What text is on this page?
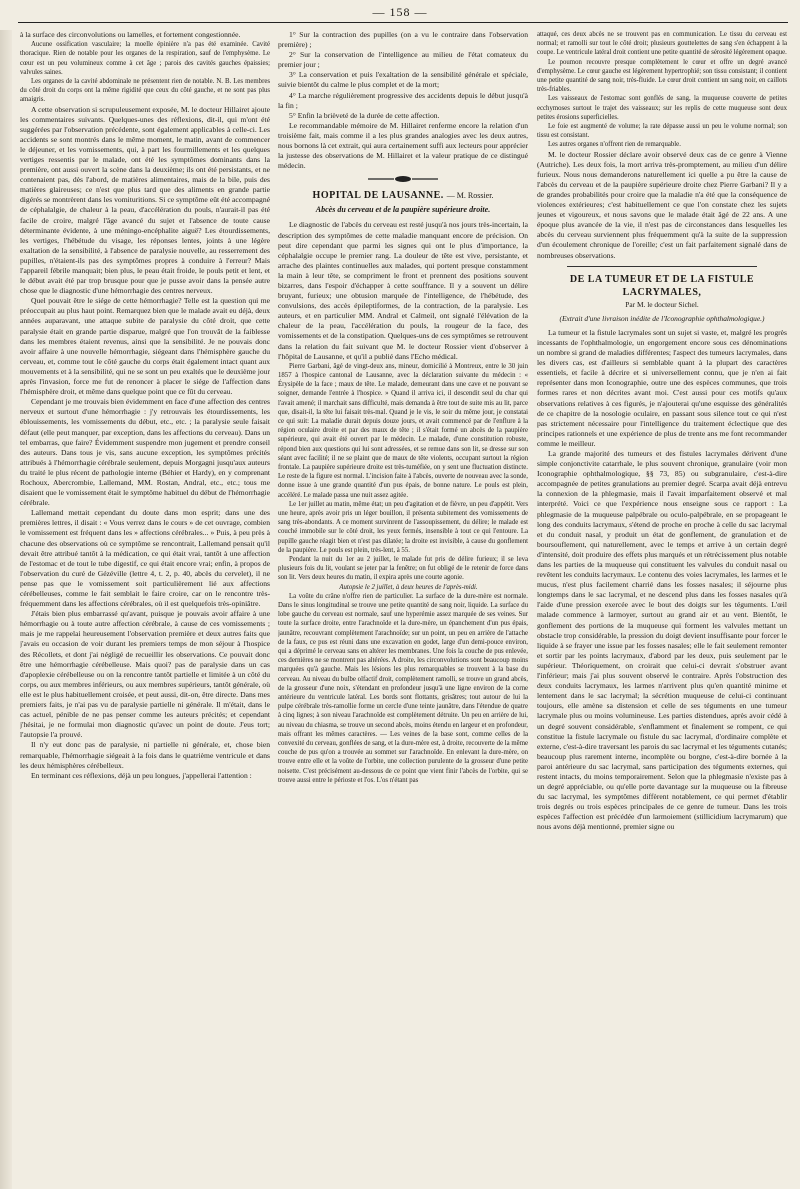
— 158 —

à la surface des circonvolutions ou lamelles, et fortement congestionnée.

Aucune ossification vasculaire; la moelle épinière n'a pas été examinée. Cavité thoracique. Rien de notable pour les organes de la respiration, sauf de l'emphysème. Le cœur est un peu volumineux comme à cet âge ; parois des cavités gauches épaissies; valvules saines.

Les organes de la cavité abdominale ne présentent rien de notable. N. B. Les membres du côté droit du corps ont la même rigidité que ceux du côté gauche, et ne sont pas plus amaigris.

A cette observation si scrupuleusement exposée, M. le docteur Hillairet ajoute les commentaires suivants. Quelques-unes des réflexions, dit-il, qui m'ont été suggérées par l'observation précédente, sont également applicables à celle-ci. Les accidents se sont montrés dans le même moment, le matin, avant de commencer le déjeuner, et les vomissements, qui, à part les fourmillements et les quelques vertiges ressentis par le malade, ont été les symptômes dominants dans la première, ont aussi ouvert la scène dans la deuxième; ils ont été persistants, et ne contenaient pas, dès l'abord, de matières alimentaires, mais de la bile, puis des matières glaireuses; ce n'est que plus tard que des aliments en grande partie digérés se montrèrent dans les vomituritions. Si ce symptôme eût été accompagné de céphalalgie, de chaleur à la peau, d'accélération du pouls, n'aurait-il pas été facile de croire, malgré l'âge avancé du sujet et l'absence de toute cause déterminante évidente, à une méningo-encéphalite aiguë? Les étourdissements, les vertiges, l'hébétude du visage, les réponses lentes, joints à une légère exaltation de la sensibilité, à l'absence de paralysie nouvelle, au resserrement des pupilles, n'étaient-ils pas des symptômes propres à conduire à l'erreur? Mais l'appareil fébrile manquait; bien plus, le peau était froide, le pouls petit et lent, et le début avait été par trop brusque pour que je pusse avoir dans la pensée autre chose que le diagnostic d'une hémorrhagie des centres nerveux.

Quel pouvait être le siége de cette hémorrhagie? Telle est la question qui me préoccupait au plus haut point. Remarquez bien que le malade avait eu déjà, deux années auparavant, une attaque subite de paralysie du côté droit, que cette paralysie était en grande partie disparue, malgré que l'on trouvât de la faiblesse dans les membres étaient revenus, ainsi que la sensibilité. Je ne pouvais donc avoir affaire à une nouvelle hémorrhagie, siégeant dans l'hémisphère gauche du cerveau, et, comme tout le côté gauche du corps était également intact quant aux mouvements et à la sensibilité, qui ne se sont un peu exaltés que le deuxième jour après l'invasion, force me fut de renoncer à placer le siége de l'affection dans l'hémisphère droit, et même dans quelque point que ce fût du cerveau.

Cependant je me trouvais bien évidemment en face d'une affection des centres nerveux et surtout d'une hémorrhagie : j'y retrouvais les étourdissements, les éblouissements, les vomissements du début, etc., etc. ; la paralysie seule faisait défaut (elle peut manquer, par exception, dans les affections du cerveau). Dans un tel embarras, que faire? Évidemment suspendre mon jugement et prendre conseil des auteurs. Dans tous je vis, sans aucune exception, les symptômes précités attribués à l'hémorrhagie cérébrale seulement, depuis Morgagni jusqu'aux auteurs du traité le plus récent de pathologie interne (Béhier et Hardy), en y comprenant Rochoux, Abercrombie, Lallemand, MM. Rostan, Andral, etc., etc.; tous me disaient que le vomissement était le symptôme habituel du début de l'hémorrhagie cérébrale.

Lallemand mettait cependant du doute dans mon esprit; dans une des premières lettres, il disait : « Vous verrez dans le cours » de cet ouvrage, combien le vomissement est fréquent dans les » affections cérébrales... » Puis, à peu près à chacune des observations où ce symptôme se rencontrait, Lallemand pensait qu'il devait être attribué tantôt à la médication, ce qui était vrai, tantôt à une affection de l'estomac et de tout le tube digestif, ce qui était encore vrai; enfin, à propos de l'observation du curé de Gézéville (lettre 4, t. 2, p. 40, abcès du cervelet), il ne pense pas que le vomissement soit particulièrement lié aux affections cérébelleuses, comme le fait semblait le faire croire, car on le rencontre très-fréquemment dans les affections cérébrales, où il est quelquefois très-opiniâtre.

J'étais bien plus embarrassé qu'avant, puisque je pouvais avoir affaire à une hémorrhagie ou à toute autre affection cérébrale, à cause de ces vomissements ; mais je me rappelai heureusement l'observation première et deux autres faits que j'avais eu occasion de voir durant les premiers temps de mon séjour à l'hospice des Récollets, et dont j'ai négligé de recueillir les observations. Ce pouvait donc être une hémorrhagie cérébelleuse. Mais quoi? pas de paralysie dans un cas d'apoplexie cérébelleuse ou on la rencontre tantôt partielle et limitée à un côté du corps, ou aux membres inférieurs, ou aux membres supérieurs, tantôt générale, où elle est le plus habituellement croisée, et peut aussi, dit-on, être directe. Dans mes premiers faits, je n'ai pas vu de paralysie partielle ni générale. Il m'était, dans le cas actuel, pénible de ne pas penser comme les auteurs précités; et cependant j'hésitai, je ne formulai mon diagnostic qu'avec un point de doute. J'eus tort; l'autopsie l'a prouvé.

Il n'y eut donc pas de paralysie, ni partielle ni générale, et, chose bien remarquable, l'hémorrhagie siégeait à la fois dans le quatrième ventricule et dans les deux hémisphères cérébelleux.

En terminant ces réflexions, déjà un peu longues, j'appellerai l'attention :

1° Sur la contraction des pupilles (on a vu le contraire dans l'observation première) ;

2° Sur la conservation de l'intelligence au milieu de l'état comateux du premier jour ;

3° La conservation et puis l'exaltation de la sensibilité générale et spéciale, suivie bientôt du calme le plus complet et de la mort;

4° La marche régulièrement progressive des accidents depuis le début jusqu'à la fin ;

5° Enfin la brièveté de la durée de cette affection.

Le recommandable mémoire de M. Hillairet renferme encore la relation d'un troisième fait, mais comme il a les plus grandes analogies avec les deux autres, nous bornons là cet extrait, qui aura certainement suffi aux lecteurs pour apprécier la justesse des observations de M. Hillairet et la valeur pratique de ce distingué médecin.

HOPITAL DE LAUSANNE. — M. Rossier.
Abcès du cerveau et de la paupière supérieure droite.

Le diagnostic de l'abcès du cerveau est resté jusqu'à nos jours très-incertain, la description des symptômes de cette maladie manquant encore de précision. On peut dire cependant que parmi les signes qui ont le plus d'importance, la céphalalgie occupe le premier rang. La douleur de tête est vive, persistante, et arrache des plaintes continuelles aux malades, qui portent presque constamment la main à leur tête, se compriment le front et prennent des positions souvent bizarres, dans l'espoir d'échapper à cette souffrance. Il y a souvent un délire bruyant, furieux; une obtusion marquée de l'intelligence, de l'hébétude, des convulsions, des accès épileptiformes, de la contraction, de la paralysie. Les auteurs, et en particulier MM. Andral et Calmeil, ont signalé l'élévation de la chaleur de la peau, l'accélération du pouls, la rougeur de la face, des vomissements et de la constipation. Quelques-uns de ces symptômes se retrouvent dans la relation du fait suivant que M. le docteur Rossier vient d'observer à l'hôpital de Lausanne, et qu'il a publié dans l'Echo médical.

Pierre Garbani, âgé de vingt-deux ans, mineur, domicilié à Montreux, entre le 30 juin 1857 à l'hospice cantonal de Lausanne, avec la déclaration suivante du médecin : « Érysipèle de la face ; maux de tête. Le malade, demeurant dans une cave et ne pouvant se soigner, demande l'entrée à l'hospice. » Quand il arriva ici, il descendit seul du char qui l'avait amené; il marchait sans difficulté, mais demanda à être tout de suite mis au lit, parce que, disait-il, la tête lui faisait très-mal. Quand je le vis, le soir du même jour, je constatai ce qui suit: La maladie durait depuis douze jours, et avait commencé par de l'enflure à la région oculaire droite et par des maux de tête ; il s'était formé un abcès de la paupière supérieure, qui avait été ouvert par le médecin. Le malade, d'une constitution robuste, répond bien aux questions qui lui sont adressées, et se remue dans son lit, se dresse sur son séant avec facilité; il ne se plaint que de maux de tête violents, occupant surtout la région frontale. La paupière supérieure droite est très-tuméfiée, on y sent une fluctuation distincte. Le reste de la figure est normal. L'incision faite à l'abcès, ouverte de nouveau avec la sonde, donne issue à une grande quantité d'un pus épais, de bonne nature. Le pouls est plein, accéléré. Le malade passa une nuit assez agitée.

Le 1er juillet au matin, même état; un peu d'agitation et de fièvre, un peu d'appétit. Vers une heure, après avoir pris un léger bouillon, il présenta subitement des vomissements de sang très-abondants. A ce moment survinrent de l'assoupissement, du délire; le malade est couché immobile sur le côté droit, les yeux fermés, insensible à tout ce qui l'entoure. La pupille gauche réagit bien et n'est pas dilatée; la droite est invisible, à cause du gonflement de la paupière. Le pouls est plein, très-lent, à 55.

Pendant la nuit du 1er au 2 juillet, le malade fut pris de délire furieux; il se leva plusieurs fois du lit, voulant se jeter par la fenêtre; on fut obligé de le retenir de force dans son lit. Vers deux heures du matin, il expira après une courte agonie.

Autopsie le 2 juillet, à deux heures de l'après-midi.

La voûte du crâne n'offre rien de particulier. La surface de la dure-mère est normale. Dans le sinus longitudinal se trouve une petite quantité de sang noir, liquide. La surface du lobe gauche du cerveau est normale, sauf une hyperémie assez marquée de ses veines. Sur toute la surface droite, entre l'arachnoïde et la dure-mère, un épanchement d'un pus épais, jaunâtre, recouvrant complètement l'arachnoïde; sur un point, un peu en arrière de l'attache de la faux, ce pus est réuni dans une excavation en godet, large d'un demi-pouce environ, qui a déprimé le cerveau sans en altérer les membranes. Une fois la couche de pus enlevée, ces dernières ne se montrent pas altérées. A droite, les circonvolutions sont beaucoup moins marquées qu'à gauche. Mais les lésions les plus remarquables se trouvent à la base du cerveau. Au niveau du bulbe olfactif droit, complètement ramolli, se trouve un grand abcès, de la grosseur d'une noix, s'étendant en profondeur jusqu'à une ligne environ de la corne antérieure du ventricule latéral. Les bords sont flottants, grisâtres; tout autour de lui la pulpe cérébrale très-ramollie forme un cercle d'une teinte jaunâtre, dans l'étendue de quatre à cinq lignes; à son niveau l'arachnoïde est complètement détruite. Un peu en arrière de lui, au niveau du chiasma, se trouve un second abcès, moins étendu en largeur et en profondeur, mais offrant les mêmes caractères. — Les veines de la base sont, comme celles de la convexité du cerveau, gonflées de sang, et la dure-mère est, à droite, recouverte de la même couche de pus qu'on a trouvée au sommet sur l'arachnoïde. En enlevant la dure-mère, on trouve entre elle et la voûte de l'orbite, une collection purulente de la grosseur d'une petite noisette. C'est précisément au-dessous de ce point que vient finir l'abcès de l'orbite, qui se trouve aussi entre le périoste et l'os. L'os n'étant pas

attaqué, ces deux abcès ne se trouvent pas en communication. Le tissu du cerveau est normal; et ramolli sur tout le côté droit; plusieurs gouttelettes de sang s'en échappent à la coupe. Le ventricule latéral droit contient une petite quantité de sérosité légèrement opaque.

Le poumon recouvre presque complètement le cœur et offre un degré avancé d'emphysème. Le cœur gauche est légèrement hypertrophié; son tissu consistant; il contient une petite quantité de sang noir, très-fluide. Le cœur droit contient un sang noir, en caillots très-friables.

Les vaisseaux de l'estomac sont gonflés de sang, la muqueuse couverte de petites ecchymoses surtout le trajet des vaisseaux; sur les replis de cette muqueuse sont deux petites érosions superficielles.

Le foie est augmenté de volume; la rate dépasse aussi un peu le volume normal; son tissu est consistant.

Les autres organes n'offrent rien de remarquable.

M. le docteur Rossier déclare avoir observé deux cas de ce genre à Vienne (Autriche). Les deux fois, la mort arriva très-promptement, au milieu d'un délire furieux. Nous nous demanderons naturellement ici quelle a pu être la cause de l'abcès du cerveau et de la paupière supérieure droite chez Pierre Garbani? Il y a de grandes probabilités pour croire que la maladie n'a été que la conséquence de violences extérieures; c'est habituellement ce que l'on constate chez les sujets jeunes et vigoureux, et nous savons que le malade était âgé de 22 ans. A une époque plus avancée de la vie, il n'est pas de circonstances dans lesquelles les abcès du cerveau surviennent plus fréquemment qu'à la suite de la suppression d'un écoulement chronique de l'oreille; c'est un fait parfaitement signalé dans de nombreuses observations.

DE LA TUMEUR ET DE LA FISTULE LACRYMALES,
Par M. le docteur Sichel.
(Extrait d'une livraison inédite de l'Iconographie ophthalmologique.)

La tumeur et la fistule lacrymales sont un sujet si vaste, et, malgré les progrès incessants de l'ophthalmologie, un engorgement encore sous ces dénominations un nombre si grand de maladies différentes; l'aspect des tumeurs lacrymales, dans les divers cas, est d'ailleurs si semblable quant à la plupart des caractères essentiels, et facile à décrire et si universellement connu, que je n'en ai fait représenter dans mon Iconographie, outre une des espèces communes, que trois formes rares et non décrites avant moi. C'est aussi pour ces motifs qu'aux observations relatives à ces figurés, je n'ajouterai qu'une esquisse des généralités de ce chapitre de la nosologie oculaire, en passant sous silence tout ce qui n'est pas strictement nécessaire pour l'intelligence du traitement éclectique que des principes rationnels et une expérience de plus de trente ans me font recommander comme le meilleur.

La grande majorité des tumeurs et des fistules lacrymales dérivent d'une simple conjonctivite catarrhale, le plus souvent chronique, granulaire (voir mon Iconographie ophthalmologique, §§ 73, 85) ou subgranulaire, c'est-à-dire accompagnée de petites granulations au premier degré. Scarpa avait déjà entrevu la connexion de la phlegmasie, mais il l'avait imparfaitement observé et mal interprété. Voici ce que l'expérience nous enseigne sous ce rapport : La phlegmasie de la muqueuse palpébrale ou oculo-palpébrale, en se propageant le long des conduits lacrymaux, s'étend de proche en proche à celle du sac lacrymal et du conduit nasal, y produit un état de gonflement, de granulation et de boursouflement, qui naturellement, avec le temps et arrive à un certain degré d'intensité, doit produire des effets plus marqués et un rétrécissement plus notable dans les parties de la muqueuse qui constituent les valvules du conduit nasal ou revêtent les conduits lacrymaux. Le contenu des voies lacrymales, les larmes et le mucus, n'est plus facilement charrié dans les fosses nasales; il séjourne plus longtemps dans le sac lacrymal, et ne descend plus dans les fosses nasales qu'à l'aide d'une pression exercée avec le bout des doigts sur les téguments. L'œil malade commence à larmoyer, surtout au grand air et au vent. Bientôt, le gonflement des portions de la muqueuse qui forment les valvules mettant un obstacle trop considérable, la pression du doigt devient insuffisante pour forcer le liquide à se frayer une issue par les fosses nasales; elle le fait seulement remonter et sortir par les points lacrymaux, d'abord par les deux, puis seulement par le supérieur. Théoriquement, on croirait que celui-ci devrait s'obstruer avant l'inférieur; mais j'ai plus souvent observé le contraire. Après l'obstruction des deux conduits lacrymaux, les larmes n'arrivent plus qu'en quantité minime et lentement dans le sac lacrymal; la sécrétion muqueuse de celui-ci continuant toujours, elle amène sa distension et celle de ses téguments en une tumeur lacrymale plus ou moins volumineuse. Les parties distendues, après avoir cédé à un degré souvent considérable, s'enflamment et finalement se rompent, ce qui constitue la fistule lacrymale ou fistule du sac lacrymal, d'ordinaire complète et externe, c'est-à-dire traversant les parois du sac lacrymal et les téguments cutanés; beaucoup plus rarement interne, incomplète ou borgne, c'est-à-dire bornée à la paroi antérieure du sac lacrymal, sans participation des téguments externes, qui restent intacts, du moins temporairement. Selon que la phlegmasie n'existe pas à un degré appréciable, ou qu'elle porte davantage sur la muqueuse ou la fibreuse du sac lacrymal, les symptômes diffèrent notablement, ce qui permet d'établir trois degrés ou trois espèces principales de ce genre de tumeur. Dans les trois espèces l'affection est précédée d'un larmoiement (stillicidium lacrymarum) que nous avons déjà mentionné, premier signe ou
